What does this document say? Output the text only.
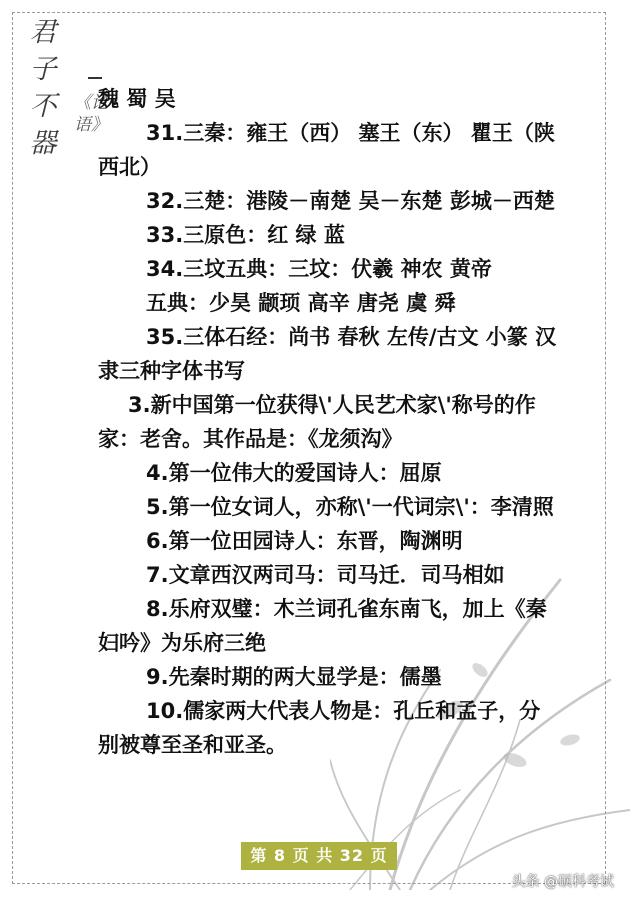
君子不器
《论语》

魏 蜀 吴

31.三秦：雍王（西） 塞王（东） 瞿王（陕西北）

32.三楚：港陵－南楚 吴－东楚 彭城－西楚

33.三原色：红 绿 蓝

34.三坟五典：三坟：伏羲 神农 黄帝

五典：少昊 颛顼 高辛 唐尧 虞 舜

35.三体石经：尚书 春秋 左传/古文 小篆 汉隶三种字体书写

3.新中国第一位获得\'人民艺术家\'称号的作家：老舍。其作品是：《龙须沟》

4.第一位伟大的爱国诗人：屈原

5.第一位女词人，亦称\'一代词宗\'：李清照

6.第一位田园诗人：东晋，陶渊明

7.文章西汉两司马：司马迁．司马相如

8.乐府双璧：木兰词孔雀东南飞，加上《秦妇吟》为乐府三绝

9.先秦时期的两大显学是：儒墨

10.儒家两大代表人物是：孔丘和孟子，分别被尊至圣和亚圣。

第 8 页 共 32 页
头条 @硕科考试
